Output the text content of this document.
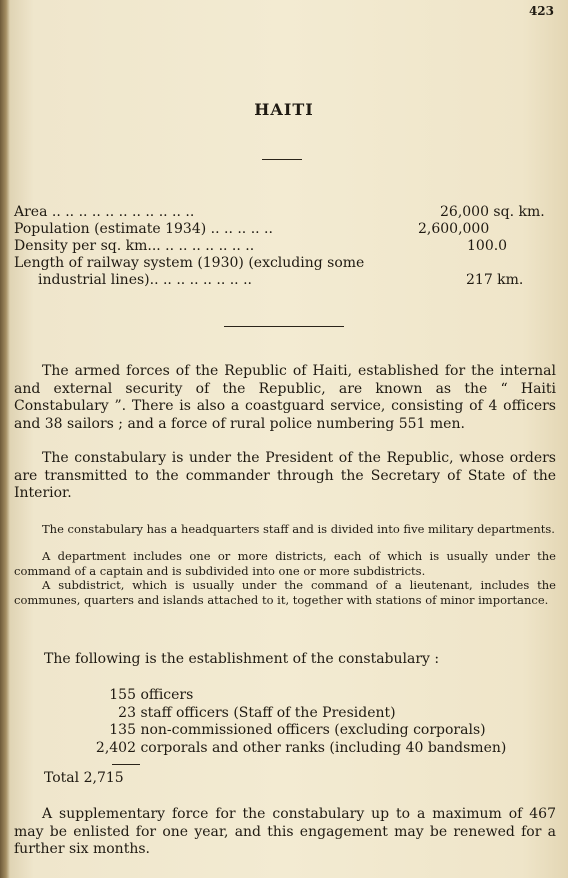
423
HAITI
Area .. .. .. .. .. .. .. .. .. .. ..	26,000 sq. km.
Population (estimate 1934) .. .. .. .. ..	2,600,000
Density per sq. km... .. .. .. .. .. .. ..	100.0
Length of railway system (1930) (excluding some
industrial lines).. .. .. .. .. .. .. ..	217 km.
The armed forces of the Republic of Haiti, established for the internal and external security of the Republic, are known as the “ Haiti Constabulary ”. There is also a coastguard service, consisting of 4 officers and 38 sailors ; and a force of rural police numbering 551 men.
The constabulary is under the President of the Republic, whose orders are transmitted to the commander through the Secretary of State of the Interior.
The constabulary has a headquarters staff and is divided into five military departments.
A department includes one or more districts, each of which is usually under the command of a captain and is subdivided into one or more subdistricts.
A subdistrict, which is usually under the command of a lieutenant, includes the communes, quarters and islands attached to it, together with stations of minor importance.
The following is the establishment of the constabulary :
155 officers
23 staff officers (Staff of the President)
135 non-commissioned officers (excluding corporals)
2,402 corporals and other ranks (including 40 bandsmen)
Total 2,715
A supplementary force for the constabulary up to a maximum of 467 may be enlisted for one year, and this engagement may be renewed for a further six months.
